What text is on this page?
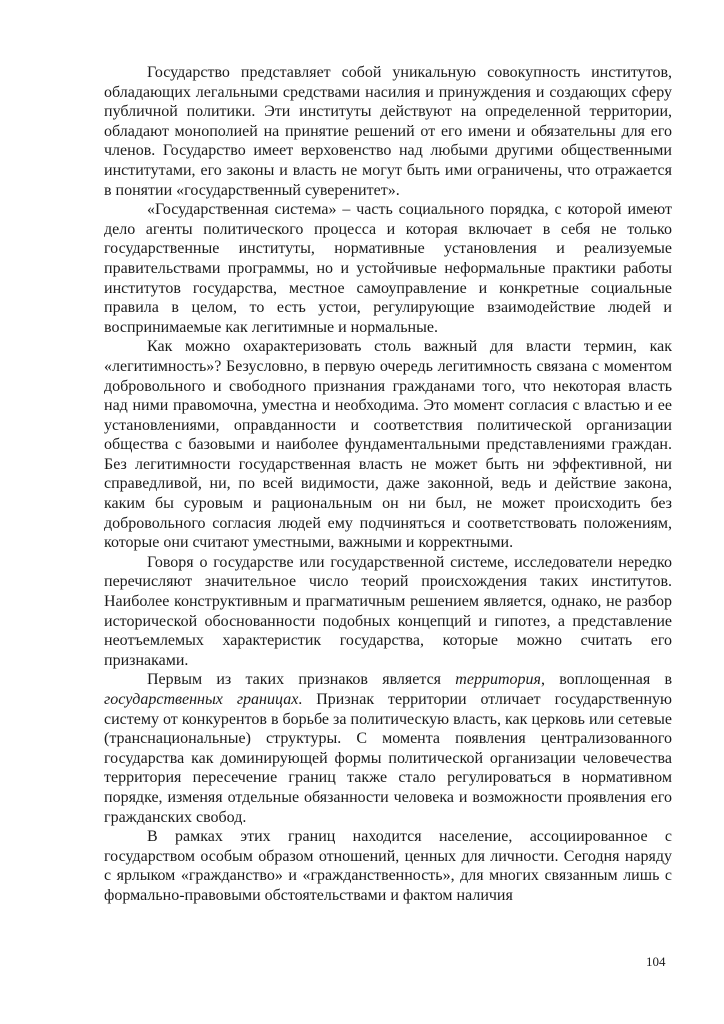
Государство представляет собой уникальную совокупность институтов, обладающих легальными средствами насилия и принуждения и создающих сферу публичной политики. Эти институты действуют на определенной территории, обладают монополией на принятие решений от его имени и обязательны для его членов. Государство имеет верховенство над любыми другими общественными институтами, его законы и власть не могут быть ими ограничены, что отражается в понятии «государственный суверенитет».

«Государственная система» – часть социального порядка, с которой имеют дело агенты политического процесса и которая включает в себя не только государственные институты, нормативные установления и реализуемые правительствами программы, но и устойчивые неформальные практики работы институтов государства, местное самоуправление и конкретные социальные правила в целом, то есть устои, регулирующие взаимодействие людей и воспринимаемые как легитимные и нормальные.

Как можно охарактеризовать столь важный для власти термин, как «легитимность»? Безусловно, в первую очередь легитимность связана с моментом добровольного и свободного признания гражданами того, что некоторая власть над ними правомочна, уместна и необходима. Это момент согласия с властью и ее установлениями, оправданности и соответствия политической организации общества с базовыми и наиболее фундаментальными представлениями граждан. Без легитимности государственная власть не может быть ни эффективной, ни справедливой, ни, по всей видимости, даже законной, ведь и действие закона, каким бы суровым и рациональным он ни был, не может происходить без добровольного согласия людей ему подчиняться и соответствовать положениям, которые они считают уместными, важными и корректными.

Говоря о государстве или государственной системе, исследователи нередко перечисляют значительное число теорий происхождения таких институтов. Наиболее конструктивным и прагматичным решением является, однако, не разбор исторической обоснованности подобных концепций и гипотез, а представление неотъемлемых характеристик государства, которые можно считать его признаками.

Первым из таких признаков является территория, воплощенная в государственных границах. Признак территории отличает государственную систему от конкурентов в борьбе за политическую власть, как церковь или сетевые (транснациональные) структуры. С момента появления централизованного государства как доминирующей формы политической организации человечества территория пересечение границ также стало регулироваться в нормативном порядке, изменяя отдельные обязанности человека и возможности проявления его гражданских свобод.

В рамках этих границ находится население, ассоциированное с государством особым образом отношений, ценных для личности. Сегодня наряду с ярлыком «гражданство» и «гражданственность», для многих связанным лишь с формально-правовыми обстоятельствами и фактом наличия

104
